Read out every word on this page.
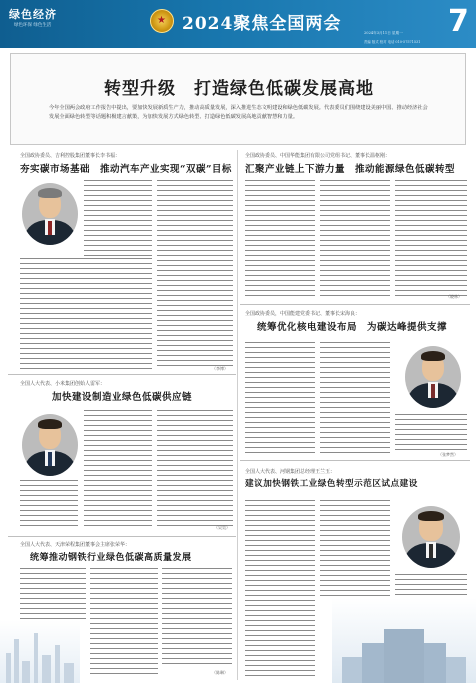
绿色经济
绿色环保 绿色生活	★ 2024聚焦全国两会	2024年3月11日 星期一
责编 版式 校对 电话 010-57571531
7
转型升级　打造绿色低碳发展高地
今年全国两会政府工作报告中提出，要加快发展新质生产力，推动高质量发展，深入推进生态文明建设和绿色低碳发展。代表委员们围绕建设美丽中国、推动经济社会发展全面绿色转型等话题积极建言献策，为加快发展方式绿色转型、打造绿色低碳发展高地贡献智慧和力量。
全国政协委员、吉利控股集团董事长李书福：
夯实碳市场基础　推动汽车产业实现“双碳”目标
（李博）
全国政协委员、中国华能集团有限公司党组书记、董事长温枢刚：
汇聚产业链上下游力量　推动能源绿色低碳转型
（晓林）
全国政协委员，中国能建党委书记、董事长宋海良：
统筹优化核电建设布局　为碳达峰提供支撑
（张梦然）
全国人大代表、小米集团创始人雷军：
加快建设制造业绿色低碳供应链
（吴昊）
全国人大代表、河钢集团总经理王兰玉：
建议加快钢铁工业绿色转型示范区试点建设
全国人大代表、天津荣程集团董事会主席张荣华：
统筹推动钢铁行业绿色低碳高质量发展
（陈琳）
